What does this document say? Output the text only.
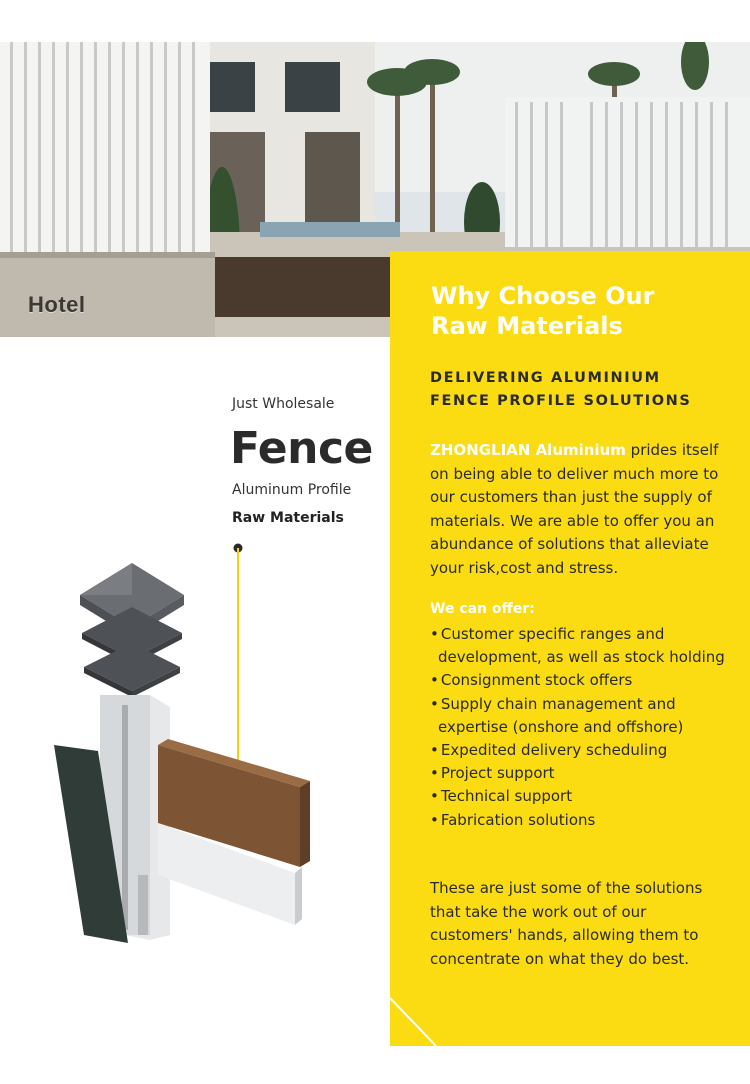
Hotel

Just Wholesale

Fence

Aluminum Profile

Raw Materials

Why Choose Our
Raw Materials
DELIVERING ALUMINIUM
FENCE PROFILE SOLUTIONS

ZHONGLIAN Aluminium prides itself on being able to deliver much more to our customers than just the supply of materials. We are able to offer you an abundance of solutions that alleviate your risk,cost and stress.

We can offer:

• Customer specific ranges and development, as well as stock holding
• Consignment stock offers
• Supply chain management and expertise (onshore and offshore)
• Expedited delivery scheduling
• Project support
• Technical support
• Fabrication solutions

These are just some of the solutions that take the work out of our customers' hands, allowing them to concentrate on what they do best.
